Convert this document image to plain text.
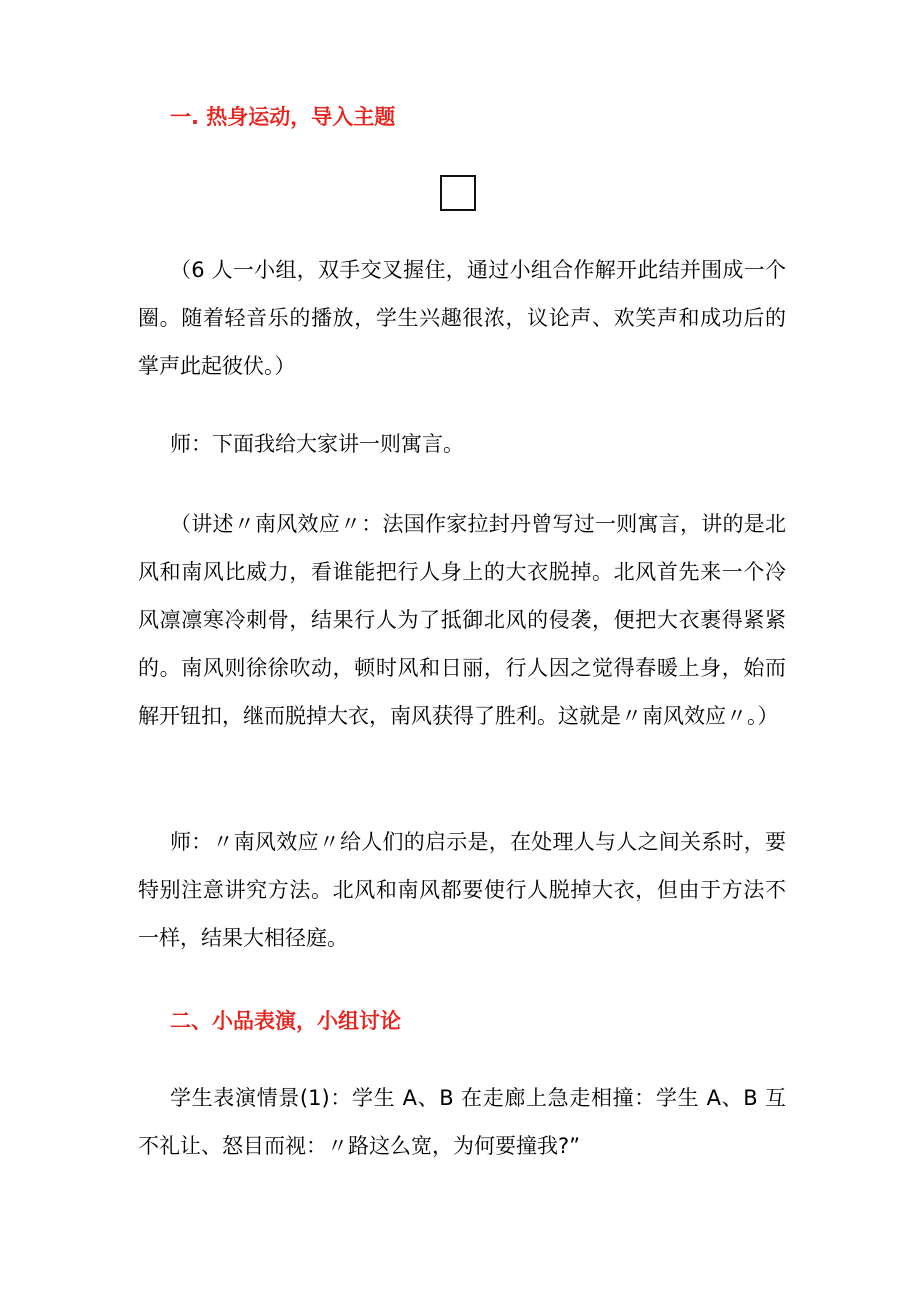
一. 热身运动，导入主题

（6 人一小组，双手交叉握住，通过小组合作解开此结并围成一个圈。随着轻音乐的播放，学生兴趣很浓，议论声、欢笑声和成功后的掌声此起彼伏。）

师：下面我给大家讲一则寓言。

（讲述〃南风效应〃：法国作家拉封丹曾写过一则寓言，讲的是北风和南风比威力，看谁能把行人身上的大衣脱掉。北风首先来一个冷风凛凛寒冷刺骨，结果行人为了抵御北风的侵袭，便把大衣裹得紧紧的。南风则徐徐吹动，顿时风和日丽，行人因之觉得春暖上身，始而解开钮扣，继而脱掉大衣，南风获得了胜利。这就是〃南风效应〃。）

师：〃南风效应〃给人们的启示是，在处理人与人之间关系时，要特别注意讲究方法。北风和南风都要使行人脱掉大衣，但由于方法不一样，结果大相径庭。

二、小品表演，小组讨论

学生表演情景(1)：学生 A、B 在走廊上急走相撞：学生 A、B 互不礼让、怒目而视：〃路这么宽，为何要撞我?”
